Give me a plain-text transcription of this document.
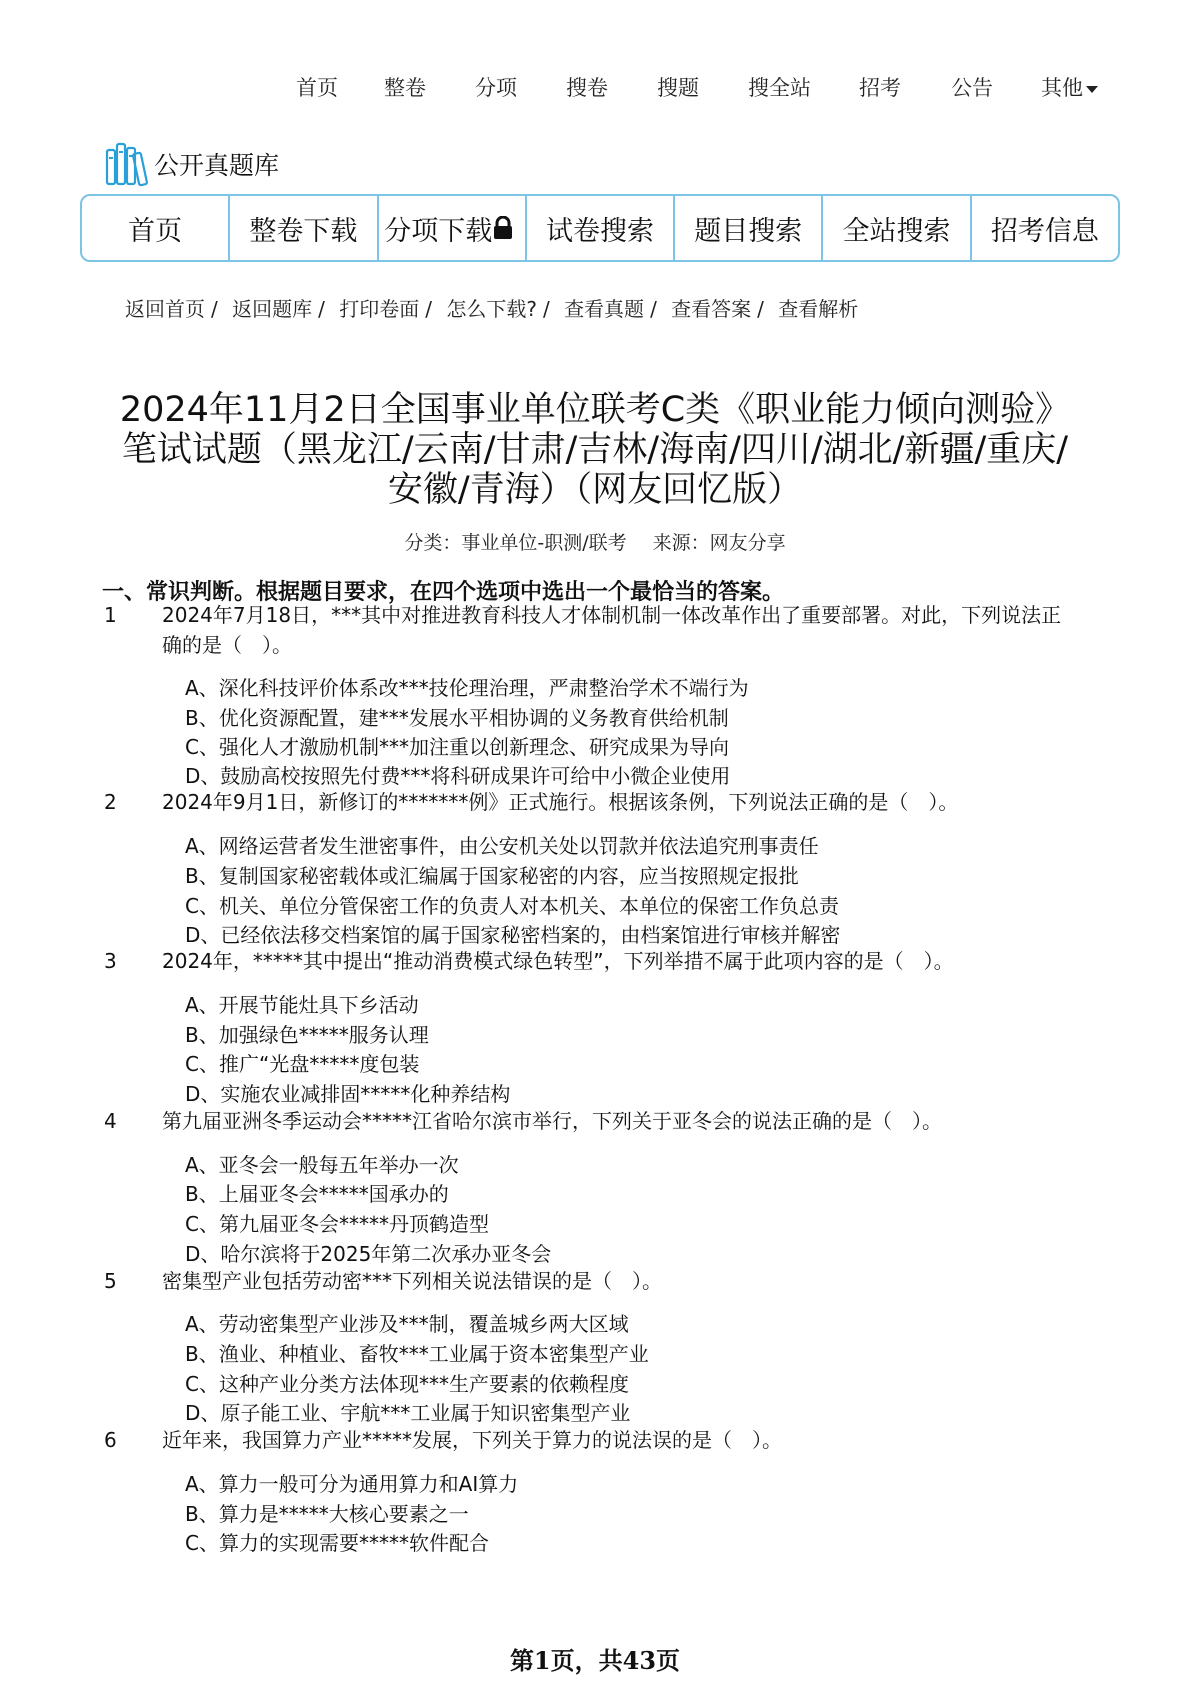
首页 整卷 分项 搜卷 搜题 搜全站 招考 公告 其他
公开真题库
首页	整卷下载 分项下载	试卷搜索	题目搜索	全站搜索	招考信息
返回首页 / 返回题库 / 打印卷面 / 怎么下载? / 查看真题 / 查看答案 / 查看解析
2024年11月2日全国事业单位联考C类《职业能力倾向测验》
笔试试题（黑龙江/云南/甘肃/吉林/海南/四川/湖北/新疆/重庆/
安徽/青海）（网友回忆版）
分类：事业单位-职测/联考 来源：网友分享
一、常识判断。根据题目要求，在四个选项中选出一个最恰当的答案。
1 2024年7月18日，***其中对推进教育科技人才体制机制一体改革作出了重要部署。对此，下列说法正确的是（　）。
A、深化科技评价体系改***技伦理治理，严肃整治学术不端行为
B、优化资源配置，建***发展水平相协调的义务教育供给机制
C、强化人才激励机制***加注重以创新理念、研究成果为导向
D、鼓励高校按照先付费***将科研成果许可给中小微企业使用
2 2024年9月1日，新修订的*******例》正式施行。根据该条例，下列说法正确的是（　）。
A、网络运营者发生泄密事件，由公安机关处以罚款并依法追究刑事责任
B、复制国家秘密载体或汇编属于国家秘密的内容，应当按照规定报批
C、机关、单位分管保密工作的负责人对本机关、本单位的保密工作负总责
D、已经依法移交档案馆的属于国家秘密档案的，由档案馆进行审核并解密
3 2024年，*****其中提出“推动消费模式绿色转型”，下列举措不属于此项内容的是（　）。
A、开展节能灶具下乡活动
B、加强绿色*****服务认理
C、推广“光盘*****度包装
D、实施农业减排固*****化种养结构
4 第九届亚洲冬季运动会*****江省哈尔滨市举行，下列关于亚冬会的说法正确的是（　）。
A、亚冬会一般每五年举办一次
B、上届亚冬会*****国承办的
C、第九届亚冬会*****丹顶鹤造型
D、哈尔滨将于2025年第二次承办亚冬会
5 密集型产业包括劳动密***下列相关说法错误的是（　）。
A、劳动密集型产业涉及***制，覆盖城乡两大区域
B、渔业、种植业、畜牧***工业属于资本密集型产业
C、这种产业分类方法体现***生产要素的依赖程度
D、原子能工业、宇航***工业属于知识密集型产业
6 近年来，我国算力产业*****发展，下列关于算力的说法误的是（　）。
A、算力一般可分为通用算力和AI算力
B、算力是*****大核心要素之一
C、算力的实现需要*****软件配合
第1页，共43页
